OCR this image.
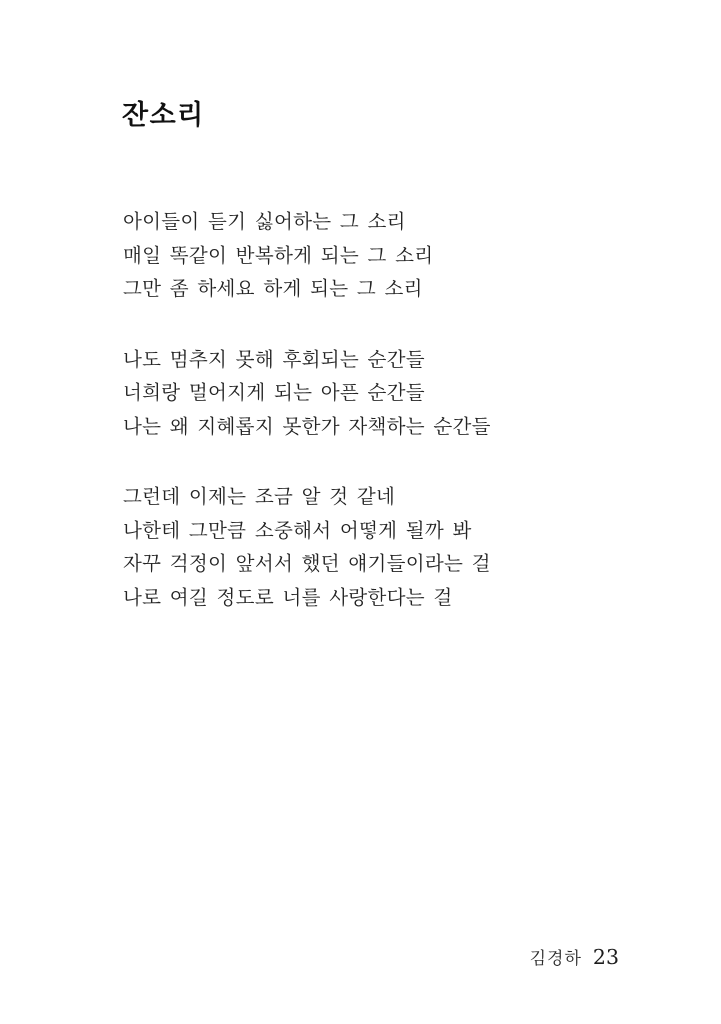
잔소리

아이들이 듣기 싫어하는 그 소리

매일 똑같이 반복하게 되는 그 소리

그만 좀 하세요 하게 되는 그 소리

나도 멈추지 못해 후회되는 순간들

너희랑 멀어지게 되는 아픈 순간들

나는 왜 지혜롭지 못한가 자책하는 순간들

그런데 이제는 조금 알 것 같네

나한테 그만큼 소중해서 어떻게 될까 봐

자꾸 걱정이 앞서서 했던 얘기들이라는 걸

나로 여길 정도로 너를 사랑한다는 걸

김경하 23
